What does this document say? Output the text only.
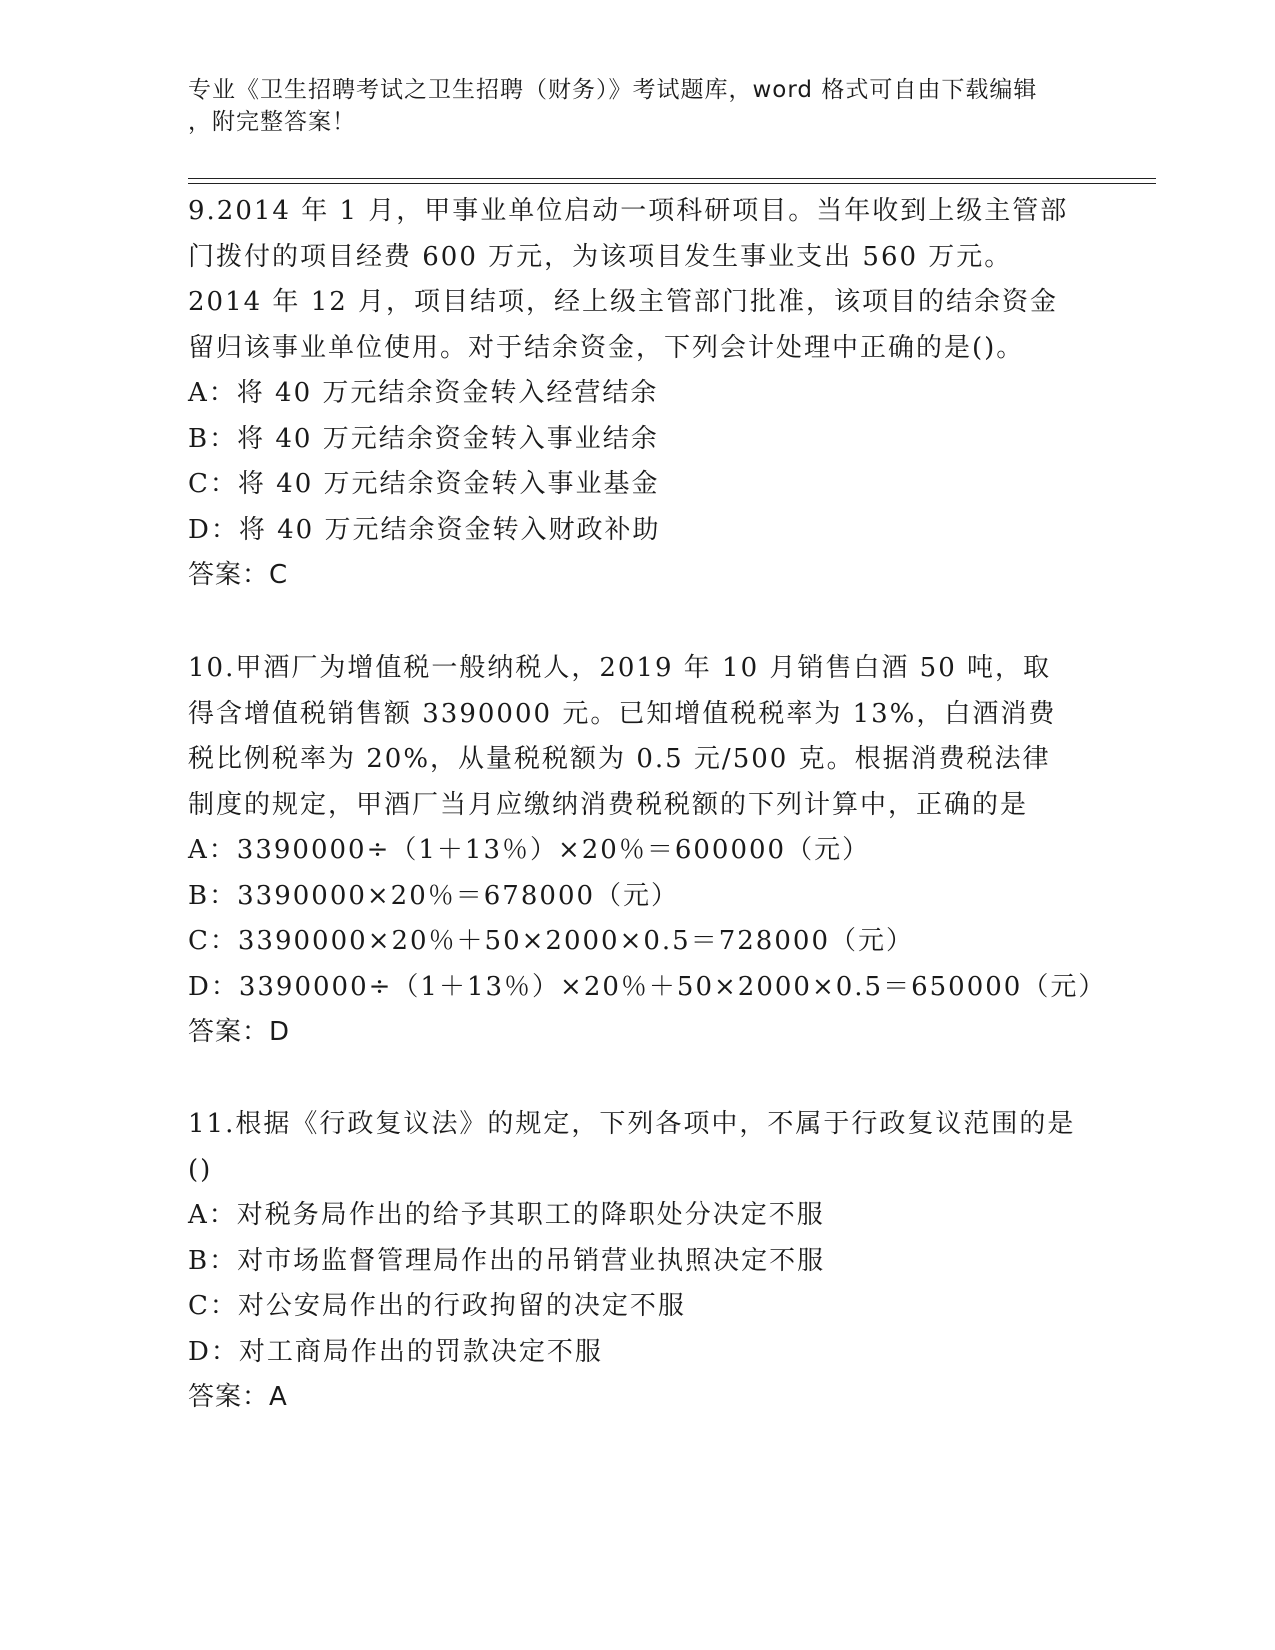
专业《卫生招聘考试之卫生招聘（财务）》考试题库，word 格式可自由下载编辑
，附完整答案！

9.2014 年 1 月，甲事业单位启动一项科研项目。当年收到上级主管部门拨付的项目经费 600 万元，为该项目发生事业支出 560 万元。2014 年 12 月，项目结项，经上级主管部门批准，该项目的结余资金留归该事业单位使用。对于结余资金，下列会计处理中正确的是()。

A：将 40 万元结余资金转入经营结余

B：将 40 万元结余资金转入事业结余

C：将 40 万元结余资金转入事业基金

D：将 40 万元结余资金转入财政补助

答案：C

10.甲酒厂为增值税一般纳税人，2019 年 10 月销售白酒 50 吨，取得含增值税销售额 3390000 元。已知增值税税率为 13%，白酒消费税比例税率为 20%，从量税税额为 0.5 元/500 克。根据消费税法律制度的规定，甲酒厂当月应缴纳消费税税额的下列计算中，正确的是

A：3390000÷（1＋13％）×20％＝600000（元）

B：3390000×20％＝678000（元）

C：3390000×20％＋50×2000×0.5＝728000（元）

D：3390000÷（1＋13％）×20％＋50×2000×0.5＝650000（元）

答案：D

11.根据《行政复议法》的规定，下列各项中，不属于行政复议范围的是()

A：对税务局作出的给予其职工的降职处分决定不服

B：对市场监督管理局作出的吊销营业执照决定不服

C：对公安局作出的行政拘留的决定不服

D：对工商局作出的罚款决定不服

答案：A
